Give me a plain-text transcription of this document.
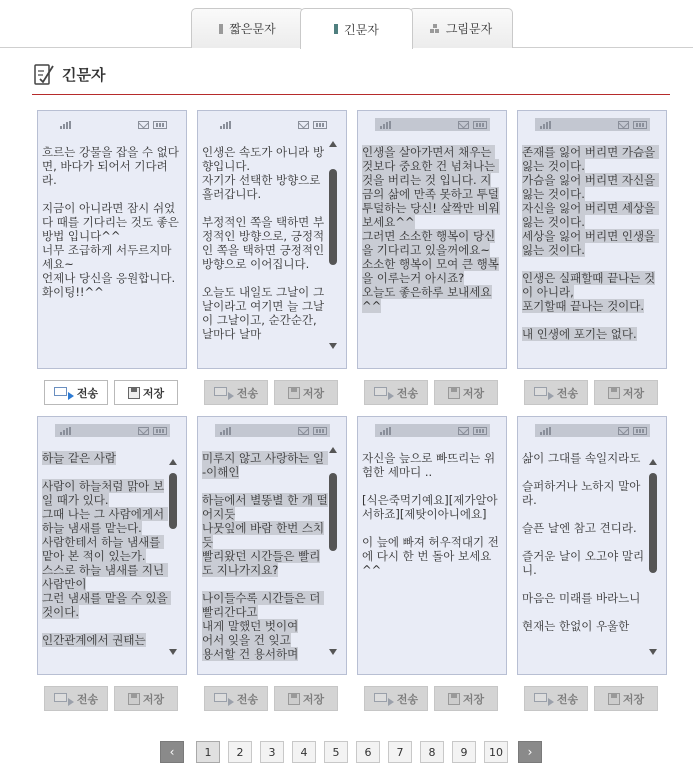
짧은문자	긴문자	그림문자
긴문자
흐르는 강물을 잡을 수 없다면, 바다가 되어서 기다려라.

지금이 아니라면 잠시 쉬었다 때를 기다리는 것도 좋은 방법 입니다^^
너무 조급하게 서두르지마세요~
언제나 당신을 응원합니다.
화이팅!!^^
인생은 속도가 아니라 방향입니다.
자기가 선택한 방향으로 흘러갑니다.

부정적인 쪽을 택하면 부정적인 방향으로, 긍정적인 쪽을 택하면 긍정적인 방향으로 이어집니다.

오늘도 내일도 그날이 그날이라고 여기면 늘 그날이 그날이고, 순간순간, 날마다 날마
인생을 살아가면서 채우는 것보다 중요한 건 넘쳐나는 것을 버리는 것 입니다. 지금의 삶에 만족 못하고 투덜투덜하는 당신! 살짝만 비워보세요^^
그러면 소소한 행복이 당신을 기다리고 있을꺼에요~
소소한 행복이 모여 큰 행복을 이루는거 아시죠?
오늘도 좋은하루 보내세요^^
존재를 잃어 버리면 가슴을 잃는 것이다.
가슴을 잃어 버리면 자신을 잃는 것이다.
자신을 잃어 버리면 세상을 잃는 것이다.
세상을 잃어 버리면 인생을 잃는 것이다.

인생은 실패할때 끝나는 것이 아니라,
포기할때 끝나는 것이다.

내 인생에 포기는 없다.
전송	저장	전송	저장	전송	저장	전송	저장
하늘 같은 사람

사람이 하늘처럼 맑아 보일 때가 있다.
그때 나는 그 사람에게서 하늘 냄새를 맡는다.
사람한테서 하늘 냄새를 맡아 본 적이 있는가.
스스로 하늘 냄새를 지닌 사람만이
그런 냄새를 맡을 수 있을 것이다.

인간관계에서 권태는
미루지 않고 사랑하는 일 -이해인

하늘에서 별똥별 한 개 떨어지듯
나뭇잎에 바람 한번 스치듯
빨리왔던 시간들은 빨리도 지나가지요?

나이들수록 시간들은 더 빨리간다고
내게 말했던 벗이여
어서 잊을 건 잊고
용서할 건 용서하며
자신을 늪으로 빠뜨리는 위험한 세마디 ..

[식은죽먹기예요][제가알아서하죠][제탓이아니에요]

이 늪에 빠져 허우적대기 전에 다시 한 번 돌아 보세요 ^^
삶이 그대를 속일지라도

슬퍼하거나 노하지 말아라.

슬픈 날엔 참고 견디라.

즐거운 날이 오고야 말리니.

마음은 미래를 바라느니

현재는 한없이 우울한
전송	저장	전송	저장	전송	저장	전송	저장
‹	1	2	3	4	5	6	7	8	9	10	›
